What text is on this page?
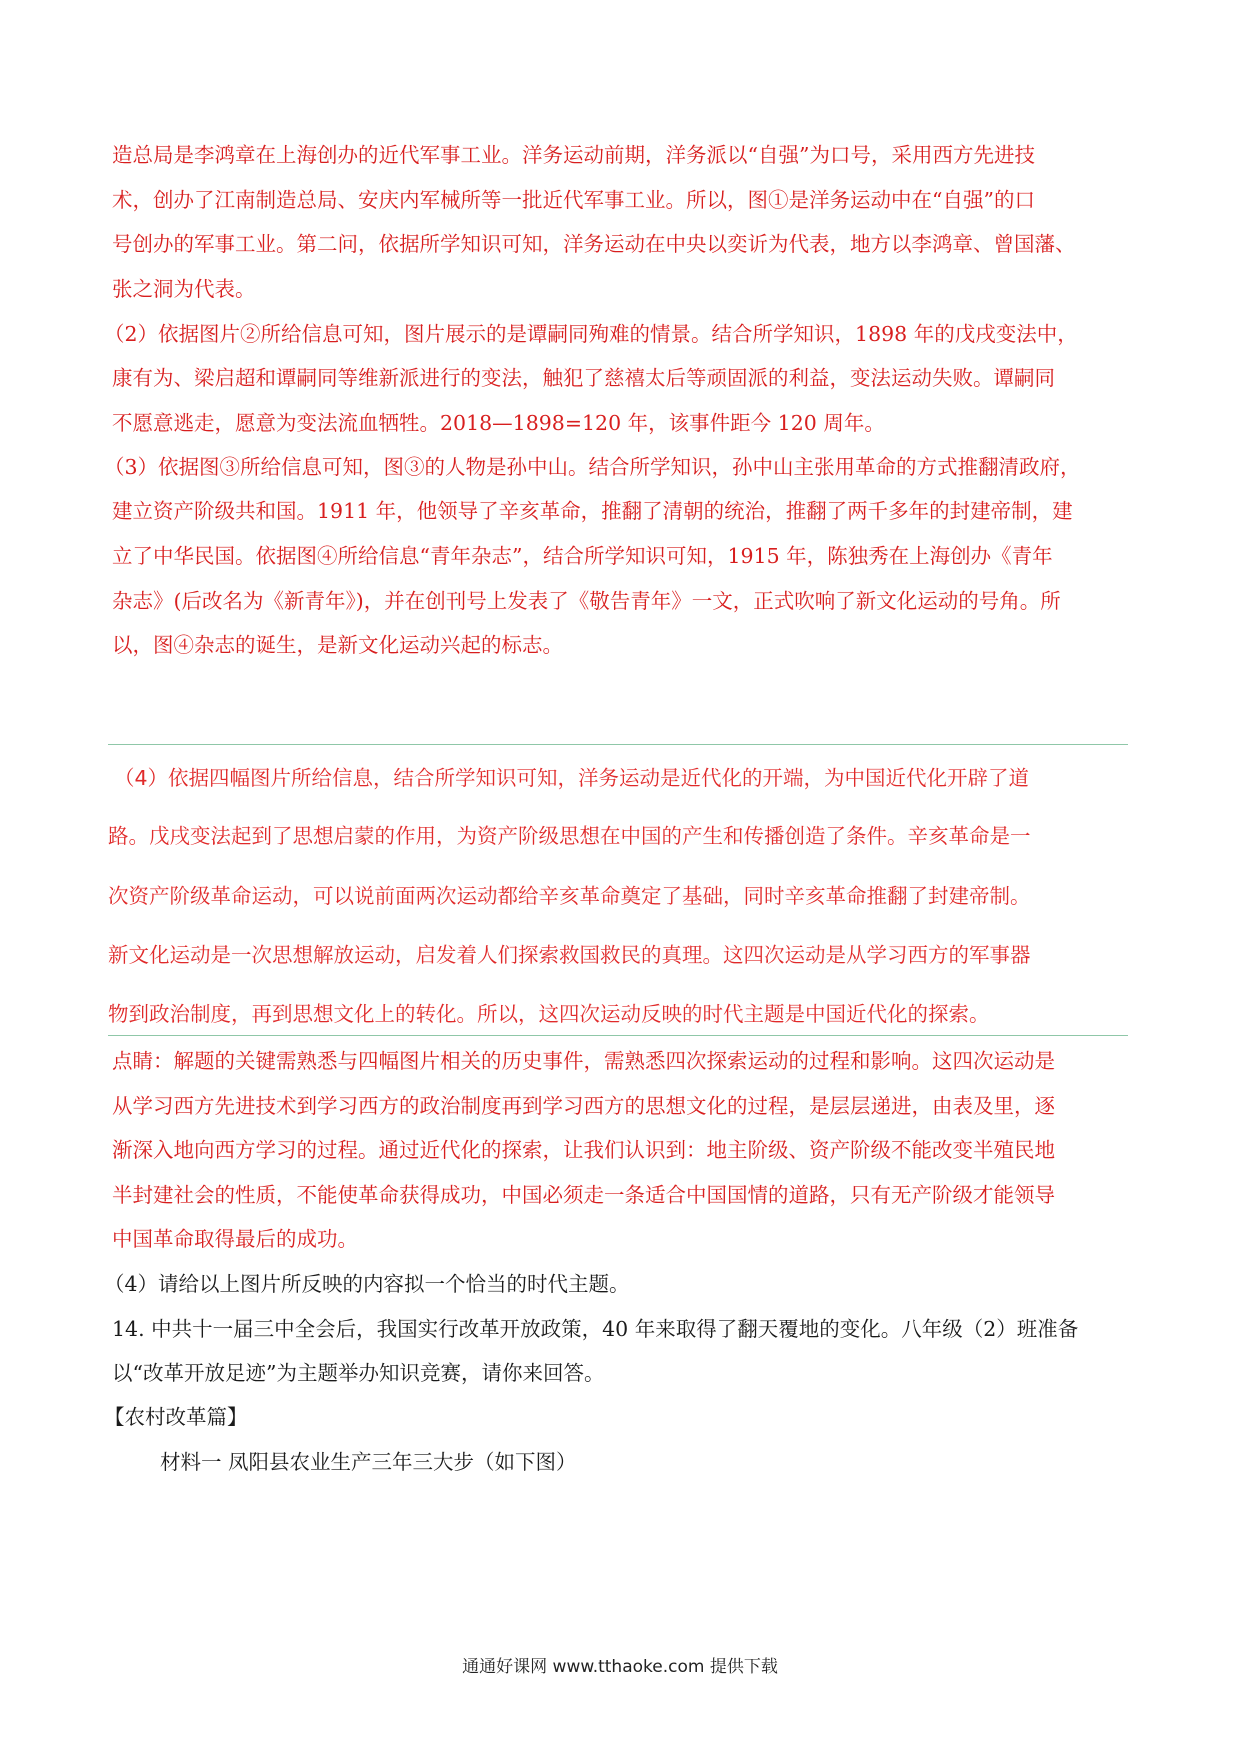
造总局是李鸿章在上海创办的近代军事工业。洋务运动前期，洋务派以“自强”为口号，采用西方先进技

术，创办了江南制造总局、安庆内军械所等一批近代军事工业。所以，图①是洋务运动中在“自强”的口

号创办的军事工业。第二问，依据所学知识可知，洋务运动在中央以奕䜣为代表，地方以李鸿章、曾国藩、

张之洞为代表。

（2）依据图片②所给信息可知，图片展示的是谭嗣同殉难的情景。结合所学知识，1898 年的戊戌变法中，

康有为、梁启超和谭嗣同等维新派进行的变法，触犯了慈禧太后等顽固派的利益，变法运动失败。谭嗣同

不愿意逃走，愿意为变法流血牺牲。2018—1898=120 年，该事件距今 120 周年。

（3）依据图③所给信息可知，图③的人物是孙中山。结合所学知识，孙中山主张用革命的方式推翻清政府，

建立资产阶级共和国。1911 年，他领导了辛亥革命，推翻了清朝的统治，推翻了两千多年的封建帝制，建

立了中华民国。依据图④所给信息“青年杂志”，结合所学知识可知，1915 年，陈独秀在上海创办《青年

杂志》(后改名为《新青年》)，并在创刊号上发表了《敬告青年》一文，正式吹响了新文化运动的号角。所

以，图④杂志的诞生，是新文化运动兴起的标志。

（4）依据四幅图片所给信息，结合所学知识可知，洋务运动是近代化的开端，为中国近代化开辟了道
路。戊戌变法起到了思想启蒙的作用，为资产阶级思想在中国的产生和传播创造了条件。辛亥革命是一
次资产阶级革命运动，可以说前面两次运动都给辛亥革命奠定了基础，同时辛亥革命推翻了封建帝制。
新文化运动是一次思想解放运动，启发着人们探索救国救民的真理。这四次运动是从学习西方的军事器
物到政治制度，再到思想文化上的转化。所以，这四次运动反映的时代主题是中国近代化的探索。

点睛：解题的关键需熟悉与四幅图片相关的历史事件，需熟悉四次探索运动的过程和影响。这四次运动是

从学习西方先进技术到学习西方的政治制度再到学习西方的思想文化的过程，是层层递进，由表及里，逐

渐深入地向西方学习的过程。通过近代化的探索，让我们认识到：地主阶级、资产阶级不能改变半殖民地

半封建社会的性质，不能使革命获得成功，中国必须走一条适合中国国情的道路，只有无产阶级才能领导

中国革命取得最后的成功。

（4）请给以上图片所反映的内容拟一个恰当的时代主题。

14. 中共十一届三中全会后，我国实行改革开放政策，40 年来取得了翻天覆地的变化。八年级（2）班准备

以“改革开放足迹”为主题举办知识竞赛，请你来回答。

【农村改革篇】

材料一 凤阳县农业生产三年三大步（如下图）

通通好课网 www.tthaoke.com 提供下载
